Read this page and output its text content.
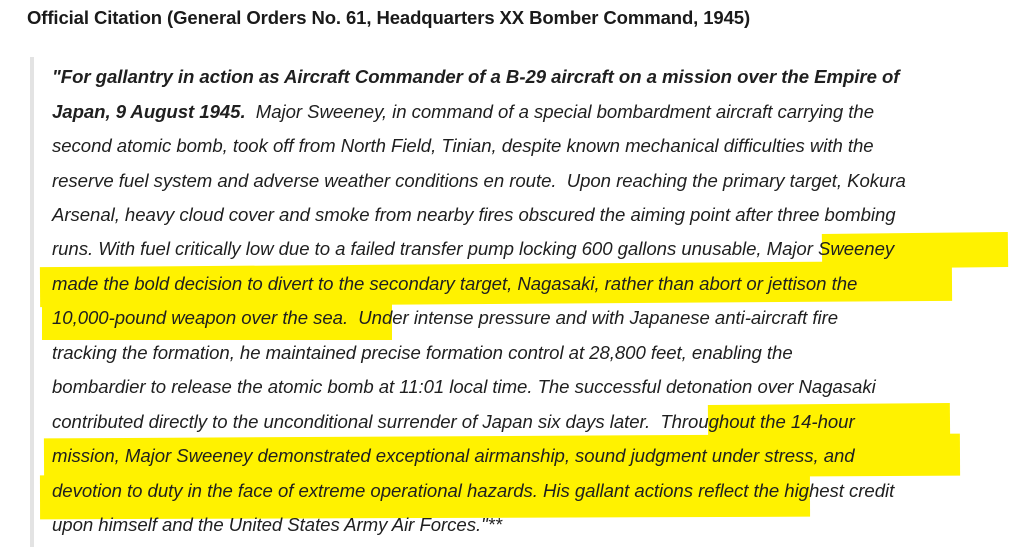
Official Citation (General Orders No. 61, Headquarters XX Bomber Command, 1945)
"For gallantry in action as Aircraft Commander of a B-29 aircraft on a mission over the Empire of
Japan, 9 August 1945.  Major Sweeney, in command of a special bombardment aircraft carrying the
second atomic bomb, took off from North Field, Tinian, despite known mechanical difficulties with the
reserve fuel system and adverse weather conditions en route.  Upon reaching the primary target, Kokura
Arsenal, heavy cloud cover and smoke from nearby fires obscured the aiming point after three bombing
runs. With fuel critically low due to a failed transfer pump locking 600 gallons unusable, Major Sweeney
made the bold decision to divert to the secondary target, Nagasaki, rather than abort or jettison the
10,000-pound weapon over the sea.  Under intense pressure and with Japanese anti-aircraft fire
tracking the formation, he maintained precise formation control at 28,800 feet, enabling the
bombardier to release the atomic bomb at 11:01 local time. The successful detonation over Nagasaki
contributed directly to the unconditional surrender of Japan six days later.  Throughout the 14-hour
mission, Major Sweeney demonstrated exceptional airmanship, sound judgment under stress, and
devotion to duty in the face of extreme operational hazards. His gallant actions reflect the highest credit
upon himself and the United States Army Air Forces."**
